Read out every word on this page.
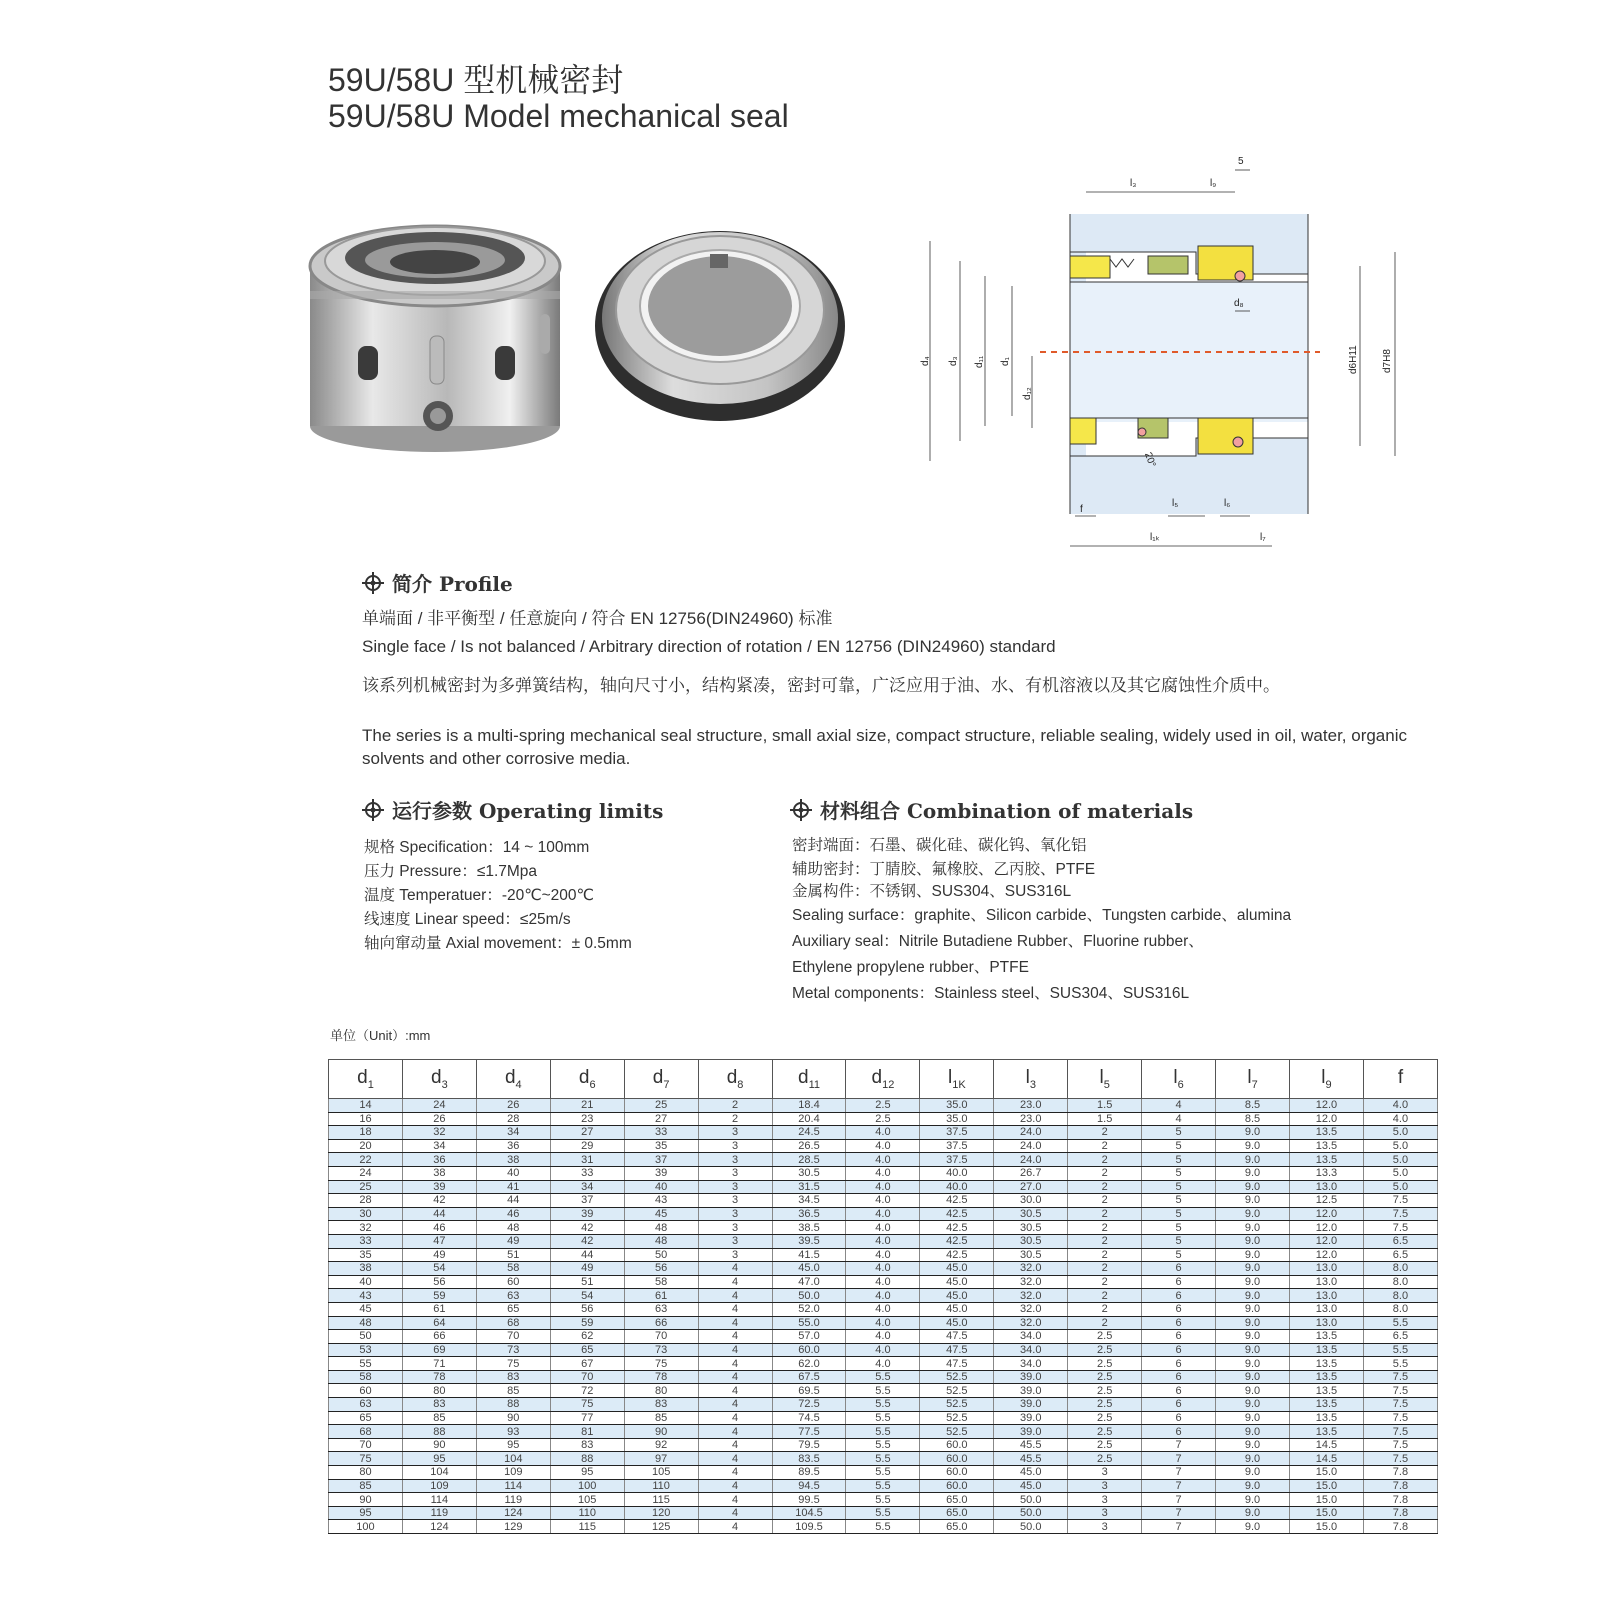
59U/58U 型机械密封
59U/58U Model mechanical seal
l₃	l₉
5
d₈
d₄ d₃ d₁₁ d₁
d₁₂
d6H11 d7H8
f
l₅	l₆
l₁ₖ	l₇
20°
简介 Profile
单端面 / 非平衡型 / 任意旋向 / 符合 EN 12756(DIN24960) 标准
Single face / Is not balanced / Arbitrary direction of rotation / EN 12756 (DIN24960) standard
该系列机械密封为多弹簧结构，轴向尺寸小，结构紧凑，密封可靠，广泛应用于油、水、有机溶液以及其它腐蚀性介质中。
The series is a multi-spring mechanical seal structure, small axial size, compact structure, reliable sealing, widely used in oil, water, organic solvents and other corrosive media.
运行参数 Operating limits
规格 Specification：14 ~ 100mm
压力 Pressure：≤1.7Mpa
温度 Temperatuer：-20℃~200℃
线速度 Linear speed：≤25m/s
轴向窜动量 Axial movement：± 0.5mm
材料组合 Combination of materials
密封端面：石墨、碳化硅、碳化钨、氧化铝
辅助密封：丁腈胶、氟橡胶、乙丙胶、PTFE
金属构件：不锈钢、SUS304、SUS316L
Sealing surface：graphite、Silicon carbide、Tungsten carbide、alumina
Auxiliary seal：Nitrile Butadiene Rubber、Fluorine rubber、
Ethylene propylene rubber、PTFE
Metal components：Stainless steel、SUS304、SUS316L
单位（Unit）:mm
$d_1$	$d_3$	$d_4$	$d_6$	$d_7$	$d_8$	$d_{11}$	$d_{12}$	$l_{1K}$	$l_3$	$l_5$	$l_6$	$l_7$	$l_9$	f
14	24	26	21	25	2	18.4	2.5	35.0	23.0	1.5	4	8.5	12.0	4.0
16	26	28	23	27	2	20.4	2.5	35.0	23.0	1.5	4	8.5	12.0	4.0
18	32	34	27	33	3	24.5	4.0	37.5	24.0	2	5	9.0	13.5	5.0
20	34	36	29	35	3	26.5	4.0	37.5	24.0	2	5	9.0	13.5	5.0
22	36	38	31	37	3	28.5	4.0	37.5	24.0	2	5	9.0	13.5	5.0
24	38	40	33	39	3	30.5	4.0	40.0	26.7	2	5	9.0	13.3	5.0
25	39	41	34	40	3	31.5	4.0	40.0	27.0	2	5	9.0	13.0	5.0
28	42	44	37	43	3	34.5	4.0	42.5	30.0	2	5	9.0	12.5	7.5
30	44	46	39	45	3	36.5	4.0	42.5	30.5	2	5	9.0	12.0	7.5
32	46	48	42	48	3	38.5	4.0	42.5	30.5	2	5	9.0	12.0	7.5
33	47	49	42	48	3	39.5	4.0	42.5	30.5	2	5	9.0	12.0	6.5
35	49	51	44	50	3	41.5	4.0	42.5	30.5	2	5	9.0	12.0	6.5
38	54	58	49	56	4	45.0	4.0	45.0	32.0	2	6	9.0	13.0	8.0
40	56	60	51	58	4	47.0	4.0	45.0	32.0	2	6	9.0	13.0	8.0
43	59	63	54	61	4	50.0	4.0	45.0	32.0	2	6	9.0	13.0	8.0
45	61	65	56	63	4	52.0	4.0	45.0	32.0	2	6	9.0	13.0	8.0
48	64	68	59	66	4	55.0	4.0	45.0	32.0	2	6	9.0	13.0	5.5
50	66	70	62	70	4	57.0	4.0	47.5	34.0	2.5	6	9.0	13.5	6.5
53	69	73	65	73	4	60.0	4.0	47.5	34.0	2.5	6	9.0	13.5	5.5
55	71	75	67	75	4	62.0	4.0	47.5	34.0	2.5	6	9.0	13.5	5.5
58	78	83	70	78	4	67.5	5.5	52.5	39.0	2.5	6	9.0	13.5	7.5
60	80	85	72	80	4	69.5	5.5	52.5	39.0	2.5	6	9.0	13.5	7.5
63	83	88	75	83	4	72.5	5.5	52.5	39.0	2.5	6	9.0	13.5	7.5
65	85	90	77	85	4	74.5	5.5	52.5	39.0	2.5	6	9.0	13.5	7.5
68	88	93	81	90	4	77.5	5.5	52.5	39.0	2.5	6	9.0	13.5	7.5
70	90	95	83	92	4	79.5	5.5	60.0	45.5	2.5	7	9.0	14.5	7.5
75	95	104	88	97	4	83.5	5.5	60.0	45.5	2.5	7	9.0	14.5	7.5
80	104	109	95	105	4	89.5	5.5	60.0	45.0	3	7	9.0	15.0	7.8
85	109	114	100	110	4	94.5	5.5	60.0	45.0	3	7	9.0	15.0	7.8
90	114	119	105	115	4	99.5	5.5	65.0	50.0	3	7	9.0	15.0	7.8
95	119	124	110	120	4	104.5	5.5	65.0	50.0	3	7	9.0	15.0	7.8
100	124	129	115	125	4	109.5	5.5	65.0	50.0	3	7	9.0	15.0	7.8
